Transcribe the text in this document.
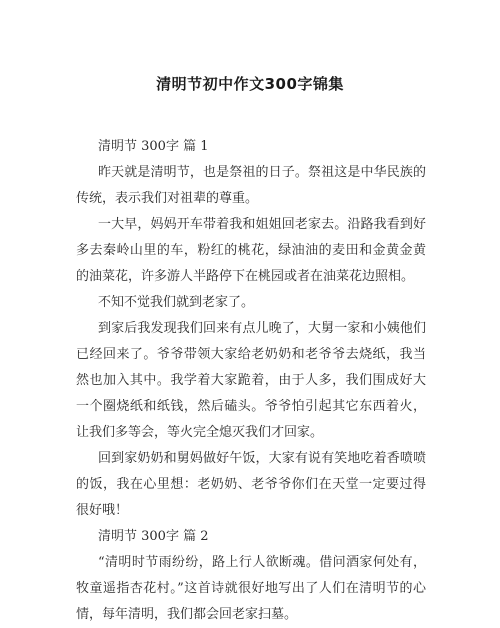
清明节初中作文300字锦集

清明节 300字 篇 1

昨天就是清明节，也是祭祖的日子。祭祖这是中华民族的传统，表示我们对祖辈的尊重。

一大早，妈妈开车带着我和姐姐回老家去。沿路我看到好多去秦岭山里的车，粉红的桃花，绿油油的麦田和金黄金黄的油菜花，许多游人半路停下在桃园或者在油菜花边照相。

不知不觉我们就到老家了。

到家后我发现我们回来有点儿晚了，大舅一家和小姨他们已经回来了。爷爷带领大家给老奶奶和老爷爷去烧纸，我当然也加入其中。我学着大家跪着，由于人多，我们围成好大一个圈烧纸和纸钱，然后磕头。爷爷怕引起其它东西着火，让我们多等会，等火完全熄灭我们才回家。

回到家奶奶和舅妈做好午饭，大家有说有笑地吃着香喷喷的饭，我在心里想：老奶奶、老爷爷你们在天堂一定要过得很好哦！

清明节 300字 篇 2

“清明时节雨纷纷，路上行人欲断魂。借问酒家何处有，牧童遥指杏花村。”这首诗就很好地写出了人们在清明节的心情，每年清明，我们都会回老家扫墓。
